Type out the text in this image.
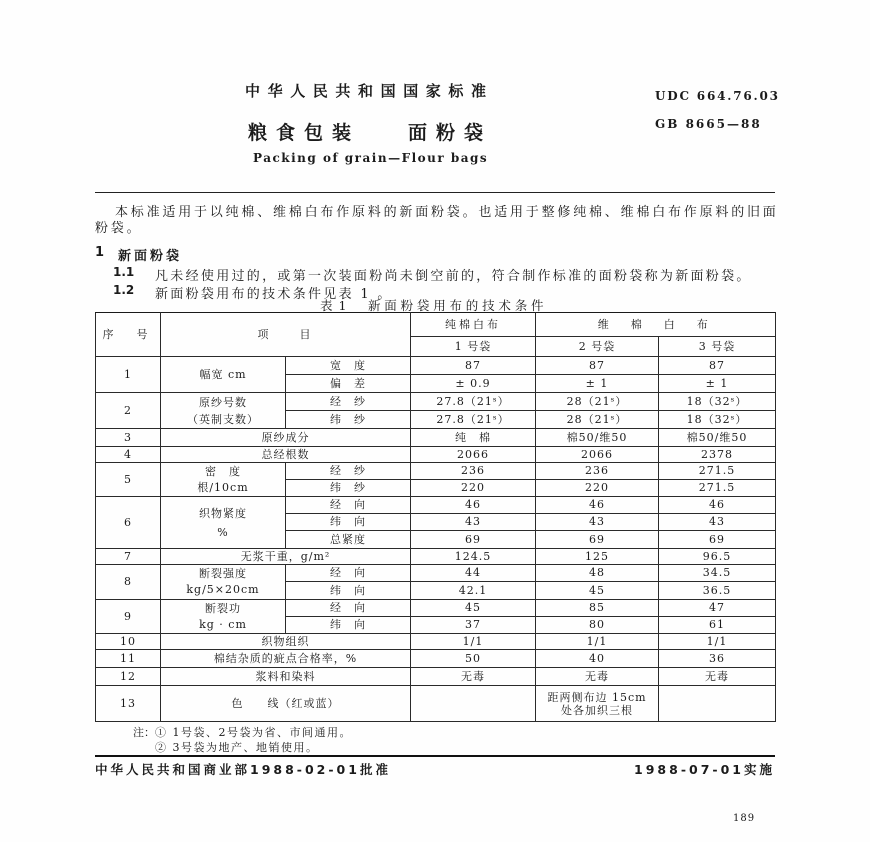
中华人民共和国国家标准	UDC 664.76.03
粮食包装	面粉袋	GB 8665—88
Packing of grain—Flour bags

本标准适用于以纯棉、维棉白布作原料的新面粉袋。也适用于整修纯棉、维棉白布作原料的旧面粉袋。

1 新面粉袋
1.1 凡未经使用过的，或第一次装面粉尚未倒空前的，符合制作标准的面粉袋称为新面粉袋。
1.2 新面粉袋用布的技术条件见表 1 。
表 1 新面粉袋用布的技术条件
序　号	项　　目		纯棉白布	维　棉　白　布	
			1 号袋	2 号袋	3 号袋
1	幅宽 cm	宽　度	87	87	87
		偏　差	± 0.9	± 1	± 1
2	原纱号数
（英制支数）	经　纱	27.8（21ˢ）	28（21ˢ）	18（32ˢ）
		纬　纱	27.8（21ˢ）	28（21ˢ）	18（32ˢ）
3	原纱成分		纯　棉	棉50/维50	棉50/维50
4	总经根数		2066	2066	2378
5	密　度
根/10cm	经　纱	236	236	271.5
		纬　纱	220	220	271.5
6	织物紧度
%	经　向	46	46	46
		纬　向	43	43	43
		总紧度	69	69	69
7	无浆干重，g/m²		124.5	125	96.5
8	断裂强度
kg/5×20cm	经　向	44	48	34.5
		纬　向	42.1	45	36.5
9	断裂功
kg · cm	经　向	45	85	47
		纬　向	37	80	61
10	织物组织		1/1	1/1	1/1
11	棉结杂质的疵点合格率，%		50	40	36
12	浆料和染料		无毒	无毒	无毒
13	色　　线（红或蓝）			距两侧布边 15cm
处各加织三根	

注： ① 1号袋、2号袋为省、市间通用。
② 3号袋为地产、地销使用。
中华人民共和国商业部1988-02-01批准	1988-07-01实施
189
